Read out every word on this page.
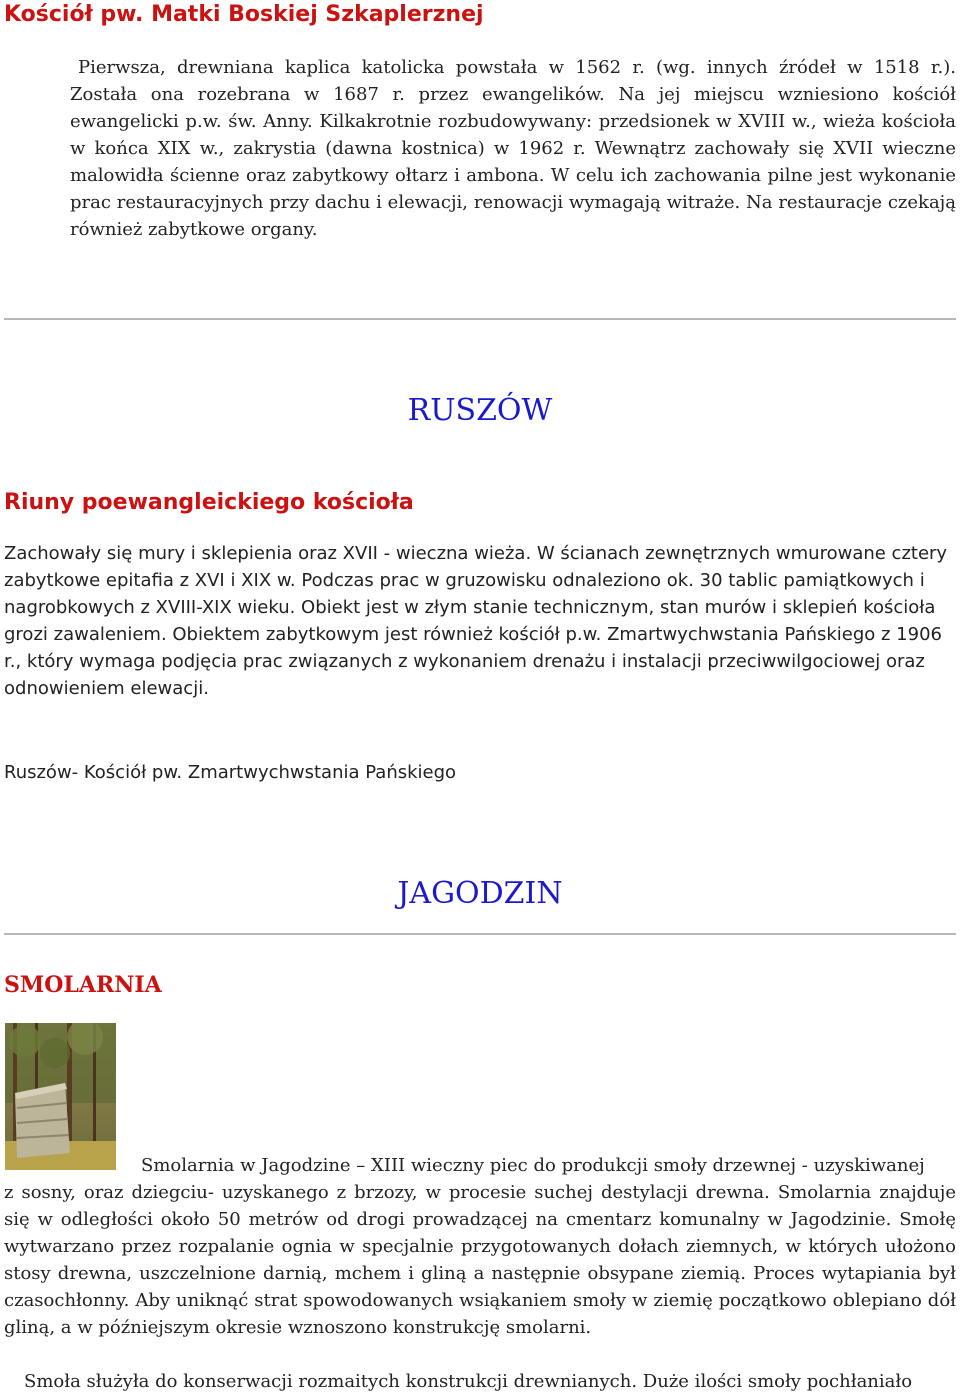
Kościół pw. Matki Boskiej Szkaplerznej
Pierwsza, drewniana kaplica katolicka powstała w 1562 r. (wg. innych źródeł w 1518 r.). Została ona rozebrana w 1687 r. przez ewangelików. Na jej miejscu wzniesiono kościół ewangelicki p.w. św. Anny. Kilkakrotnie rozbudowywany: przedsionek w XVIII w., wieża kościoła w końca XIX w., zakrystia (dawna kostnica) w 1962 r. Wewnątrz zachowały się XVII wieczne malowidła ścienne oraz zabytkowy ołtarz i ambona. W celu ich zachowania pilne jest wykonanie prac restauracyjnych przy dachu i elewacji, renowacji wymagają witraże. Na restauracje czekają również zabytkowe organy.
RUSZÓW
Riuny poewangleickiego kościoła
Zachowały się mury i sklepienia oraz XVII - wieczna wieża. W ścianach zewnętrznych wmurowane cztery zabytkowe epitafia z XVI i XIX w. Podczas prac w gruzowisku odnaleziono ok. 30 tablic pamiątkowych i nagrobkowych z XVIII-XIX wieku. Obiekt jest w złym stanie technicznym, stan murów i sklepień kościoła grozi zawaleniem. Obiektem zabytkowym jest również kościół p.w. Zmartwychwstania Pańskiego z 1906 r., który wymaga podjęcia prac związanych z wykonaniem drenażu i instalacji przeciwwilgociowej oraz odnowieniem elewacji.
Ruszów- Kościół pw. Zmartwychwstania Pańskiego
JAGODZIN
SMOLARNIA
Smolarnia w Jagodzine – XIII wieczny piec do produkcji smoły drzewnej - uzyskiwanej
z sosny, oraz dziegciu- uzyskanego z brzozy, w procesie suchej destylacji drewna. Smolarnia znajduje się w odległości około 50 metrów od drogi prowadzącej na cmentarz komunalny w Jagodzinie. Smołę wytwarzano przez rozpalanie ognia w specjalnie przygotowanych dołach ziemnych, w których ułożono stosy drewna, uszczelnione darnią, mchem i gliną a następnie obsypane ziemią. Proces wytapiania był czasochłonny. Aby uniknąć strat spowodowanych wsiąkaniem smoły w ziemię początkowo oblepiano dół gliną, a w późniejszym okresie wznoszono konstrukcję smolarni.
Smoła służyła do konserwacji rozmaitych konstrukcji drewnianych. Duże ilości smoły pochłaniało
